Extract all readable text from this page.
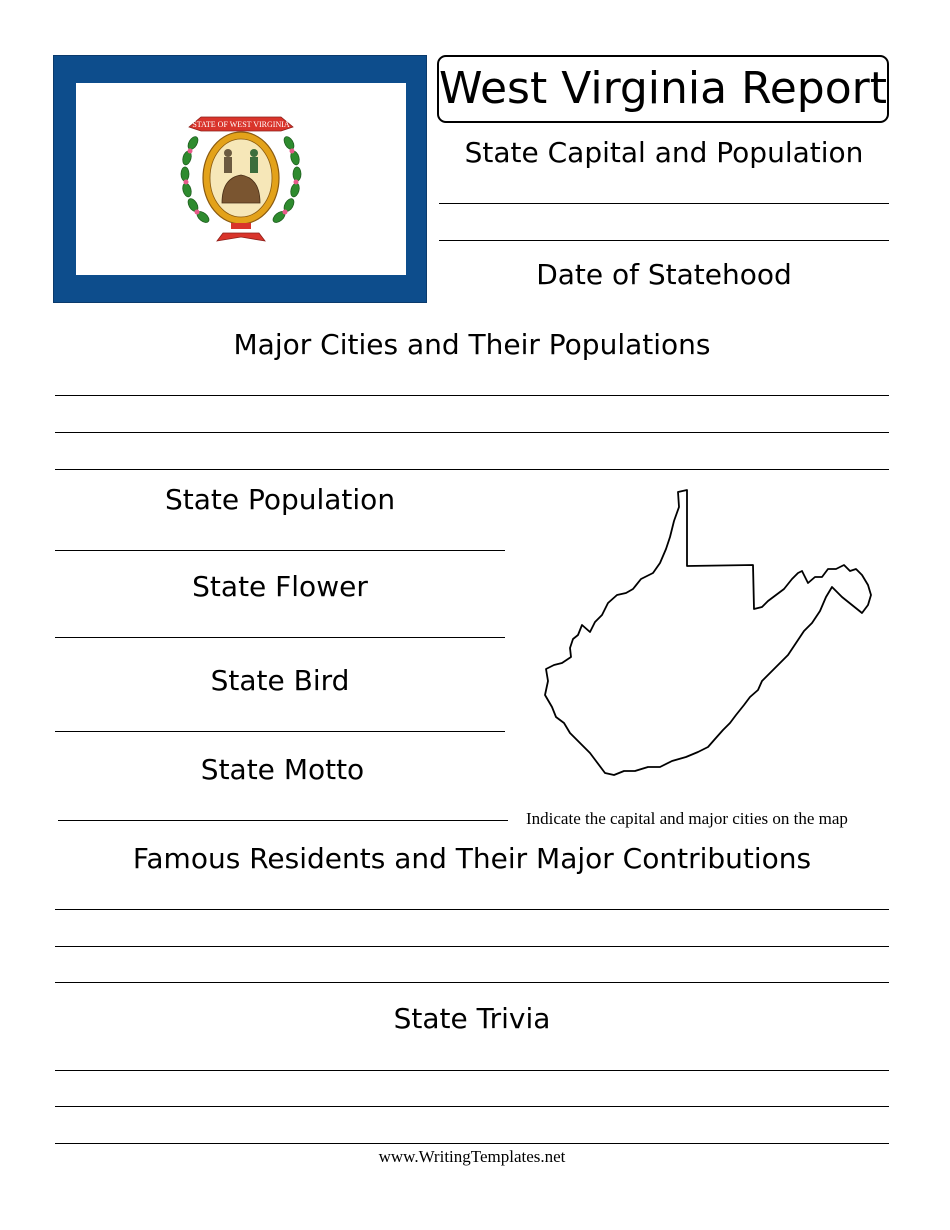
STATE OF WEST VIRGINIA
West Virginia Report
State Capital and Population
Date of Statehood
Major Cities and Their Populations
State Population
State Flower
State Bird
State Motto
Indicate the capital and major cities on the map
Famous Residents and Their Major Contributions
State Trivia
www.WritingTemplates.net
